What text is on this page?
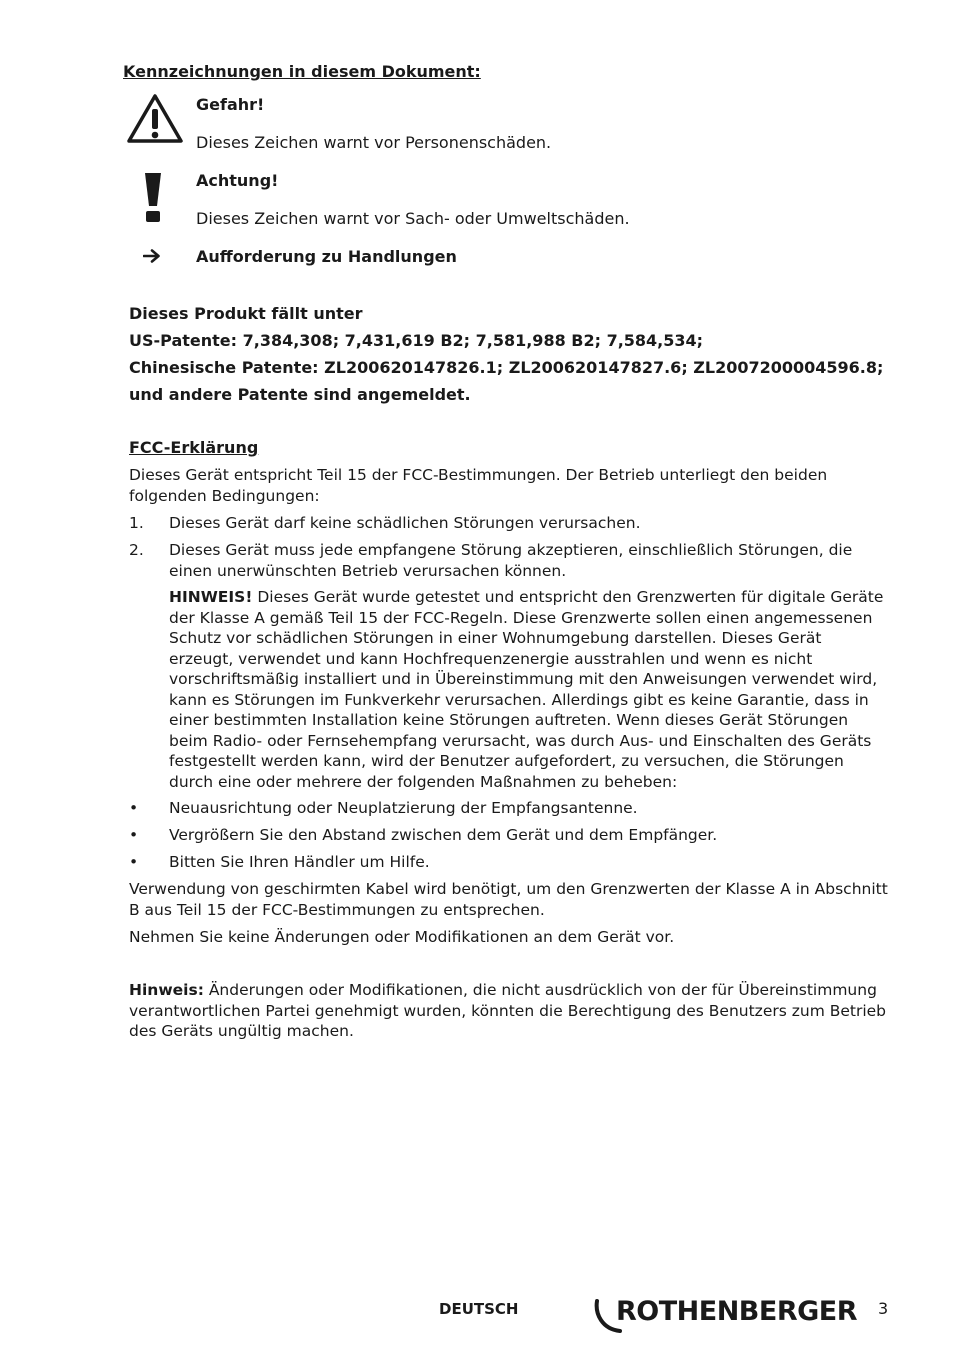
Kennzeichnungen in diesem Dokument:
Gefahr!
Dieses Zeichen warnt vor Personenschäden.
Achtung!
Dieses Zeichen warnt vor Sach- oder Umweltschäden.
Aufforderung zu Handlungen
Dieses Produkt fällt unter
US-Patente: 7,384,308; 7,431,619 B2; 7,581,988 B2; 7,584,534;
Chinesische Patente: ZL200620147826.1; ZL200620147827.6; ZL2007200004596.8;
und andere Patente sind angemeldet.
FCC-Erklärung
Dieses Gerät entspricht Teil 15 der FCC-Bestimmungen. Der Betrieb unterliegt den beiden folgenden Bedingungen:
1. Dieses Gerät darf keine schädlichen Störungen verursachen.
2. Dieses Gerät muss jede empfangene Störung akzeptieren, einschließlich Störungen, die einen unerwünschten Betrieb verursachen können.
HINWEIS! Dieses Gerät wurde getestet und entspricht den Grenzwerten für digitale Geräte der Klasse A gemäß Teil 15 der FCC-Regeln. Diese Grenzwerte sollen einen angemessenen Schutz vor schädlichen Störungen in einer Wohnumgebung darstellen. Dieses Gerät erzeugt, verwendet und kann Hochfrequenzenergie ausstrahlen und wenn es nicht vorschriftsmäßig installiert und in Übereinstimmung mit den Anweisungen verwendet wird, kann es Störungen im Funkverkehr verursachen. Allerdings gibt es keine Garantie, dass in einer bestimmten Installation keine Störungen auftreten. Wenn dieses Gerät Störungen beim Radio- oder Fernsehempfang verursacht, was durch Aus- und Einschalten des Geräts festgestellt werden kann, wird der Benutzer aufgefordert, zu versuchen, die Störungen durch eine oder mehrere der folgenden Maßnahmen zu beheben:
• Neuausrichtung oder Neuplatzierung der Empfangsantenne.
• Vergrößern Sie den Abstand zwischen dem Gerät und dem Empfänger.
• Bitten Sie Ihren Händler um Hilfe.
Verwendung von geschirmten Kabel wird benötigt, um den Grenzwerten der Klasse A in Abschnitt B aus Teil 15 der FCC-Bestimmungen zu entsprechen.
Nehmen Sie keine Änderungen oder Modifikationen an dem Gerät vor.
Hinweis: Änderungen oder Modifikationen, die nicht ausdrücklich von der für Übereinstimmung verantwortlichen Partei genehmigt wurden, könnten die Berechtigung des Benutzers zum Betrieb des Geräts ungültig machen.
DEUTSCH	ROTHENBERGER 3
